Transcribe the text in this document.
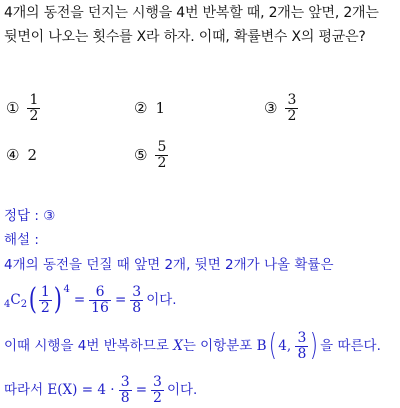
4개의 동전을 던지는 시행을 4번 반복할 때, 2개는 앞면, 2개는
뒷면이 나오는 횟수를 X라 하자. 이때, 확률변수 X의 평균은?
① $\frac{1}{2}$	② 1	③ $\frac{3}{2}$
④ 2	⑤ $\frac{5}{2}$
정답 :
③
해설 :
4개의 동전을 던질 때 앞면 2개, 뒷면 2개가 나올 확률은
4 C 2 ( $\frac{1}{2}$ ) 4
= $\frac{6}{16} = \frac{3}{8}$ 이다.
이때 시행을 4번 반복하므로
X 는 이항분포
B ( 4,
$\frac{3}{8}$ ) 을 따른다.
따라서
E(X) = 4 ·
$\frac{3}{8} = \frac{3}{2}$ 이다.
